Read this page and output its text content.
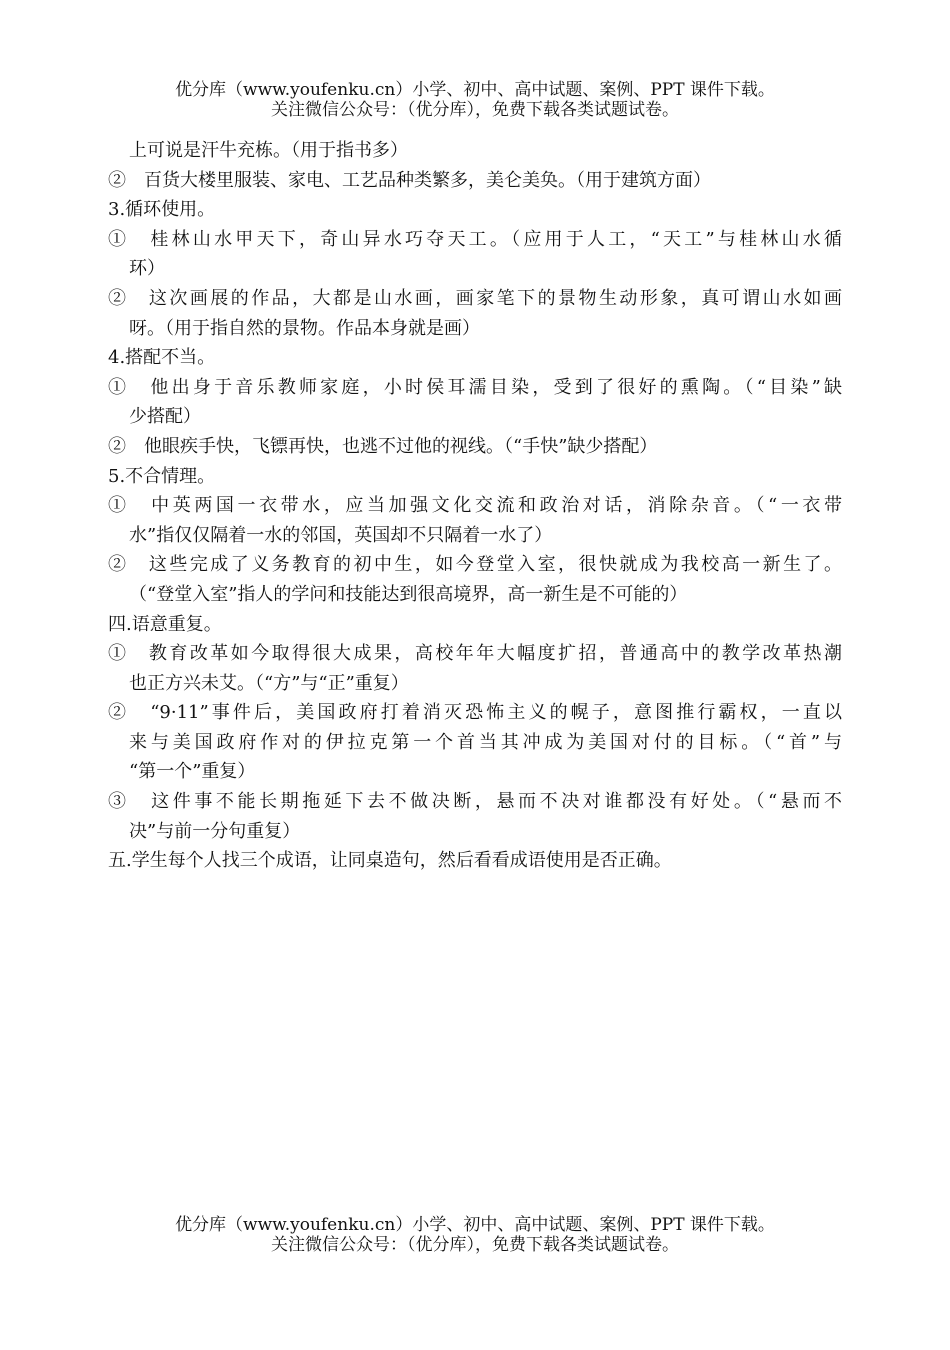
优分库（www.youfenku.cn）小学、初中、高中试题、案例、PPT 课件下载。
关注微信公众号：（优分库），免费下载各类试题试卷。
上可说是汗牛充栋。（用于指书多）
②　百货大楼里服装、家电、工艺品种类繁多，美仑美奂。（用于建筑方面）
3.循环使用。
①　桂林山水甲天下，奇山异水巧夺天工。（应用于人工，“天工”与桂林山水循
环）
②　这次画展的作品，大都是山水画，画家笔下的景物生动形象，真可谓山水如画
呀。（用于指自然的景物。作品本身就是画）
4.搭配不当。
①　他出身于音乐教师家庭，小时侯耳濡目染，受到了很好的熏陶。（“目染”缺
少搭配）
②　他眼疾手快，飞镖再快，也逃不过他的视线。（“手快”缺少搭配）
5.不合情理。
①　中英两国一衣带水，应当加强文化交流和政治对话，消除杂音。（“一衣带
水”指仅仅隔着一水的邻国，英国却不只隔着一水了）
②　这些完成了义务教育的初中生，如今登堂入室，很快就成为我校高一新生了。
（“登堂入室”指人的学问和技能达到很高境界，高一新生是不可能的）
四.语意重复。
①　教育改革如今取得很大成果，高校年年大幅度扩招，普通高中的教学改革热潮
也正方兴未艾。（“方”与“正”重复）
②　“9·11”事件后，美国政府打着消灭恐怖主义的幌子，意图推行霸权，一直以
来与美国政府作对的伊拉克第一个首当其冲成为美国对付的目标。（“首”与
“第一个”重复）
③　这件事不能长期拖延下去不做决断，悬而不决对谁都没有好处。（“悬而不
决”与前一分句重复）
五.学生每个人找三个成语，让同桌造句，然后看看成语使用是否正确。
优分库（www.youfenku.cn）小学、初中、高中试题、案例、PPT 课件下载。
关注微信公众号：（优分库），免费下载各类试题试卷。
